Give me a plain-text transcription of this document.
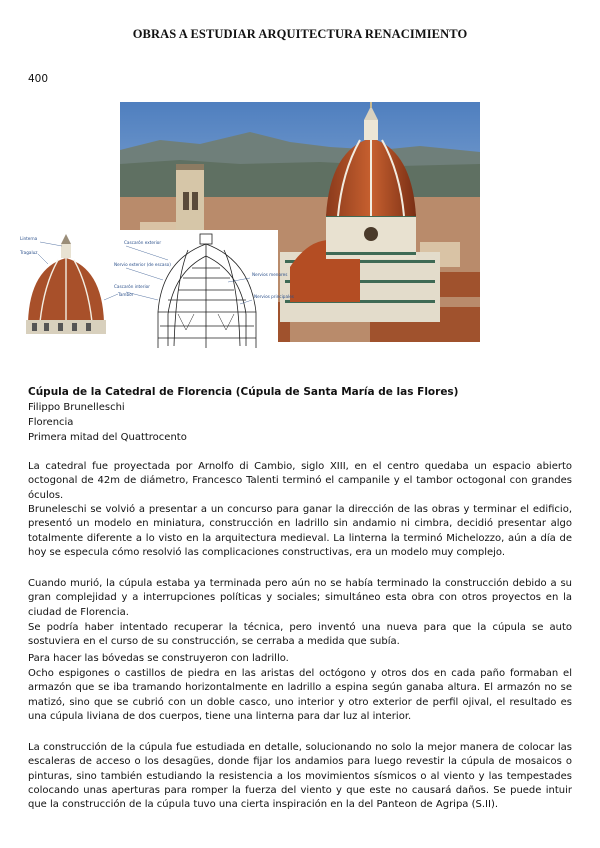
OBRAS A ESTUDIAR ARQUITECTURA RENACIMIENTO
400
Linterna
Tragaluz
Cascarón exterior
Nervio exterior (de escaso)
Cascarón interior
Tambor
Nervios menores
Nervios principales
Cúpula de la Catedral de Florencia (Cúpula de Santa María de las Flores)
Filippo Brunelleschi
Florencia
Primera mitad del Quattrocento

La catedral fue proyectada por Arnolfo di Cambio, siglo XIII, en el centro quedaba un espacio abierto octogonal de 42m de diámetro, Francesco Talenti terminó el campanile y el tambor octogonal con grandes óculos.

Bruneleschi se volvió a presentar a un concurso para ganar la dirección de las obras y terminar el edificio, presentó un modelo en miniatura, construcción en ladrillo sin andamio ni cimbra, decidió presentar algo totalmente diferente a lo visto en la arquitectura medieval. La linterna la terminó Michelozzo, aún a día de hoy se especula cómo resolvió las complicaciones constructivas, era un modelo muy complejo.

Cuando murió, la cúpula estaba ya terminada pero aún no se había terminado la construcción debido a su gran complejidad y a interrupciones políticas y sociales; simultáneo esta obra con otros proyectos en la ciudad de Florencia.

Se podría haber intentado recuperar la técnica, pero inventó una nueva para que la cúpula se auto sostuviera en el curso de su construcción, se cerraba a medida que subía.

Para hacer las bóvedas se construyeron con ladrillo.

Ocho espigones o castillos de piedra en las aristas del octógono y otros dos en cada paño formaban el armazón que se iba tramando horizontalmente en ladrillo a espina según ganaba altura. El armazón no se matizó, sino que se cubrió con un doble casco, uno interior y otro exterior de perfil ojival, el resultado es una cúpula liviana de dos cuerpos, tiene una linterna para dar luz al interior.

La construcción de la cúpula fue estudiada en detalle, solucionando no solo la mejor manera de colocar las escaleras de acceso o los desagües, donde fijar los andamios para luego revestir la cúpula de mosaicos o pinturas, sino también estudiando la resistencia a los movimientos sísmicos o al viento y las tempestades colocando unas aperturas para romper la fuerza del viento y que este no causará daños. Se puede intuir que la construcción de la cúpula tuvo una cierta inspiración en la del Panteon de Agripa (S.II).
